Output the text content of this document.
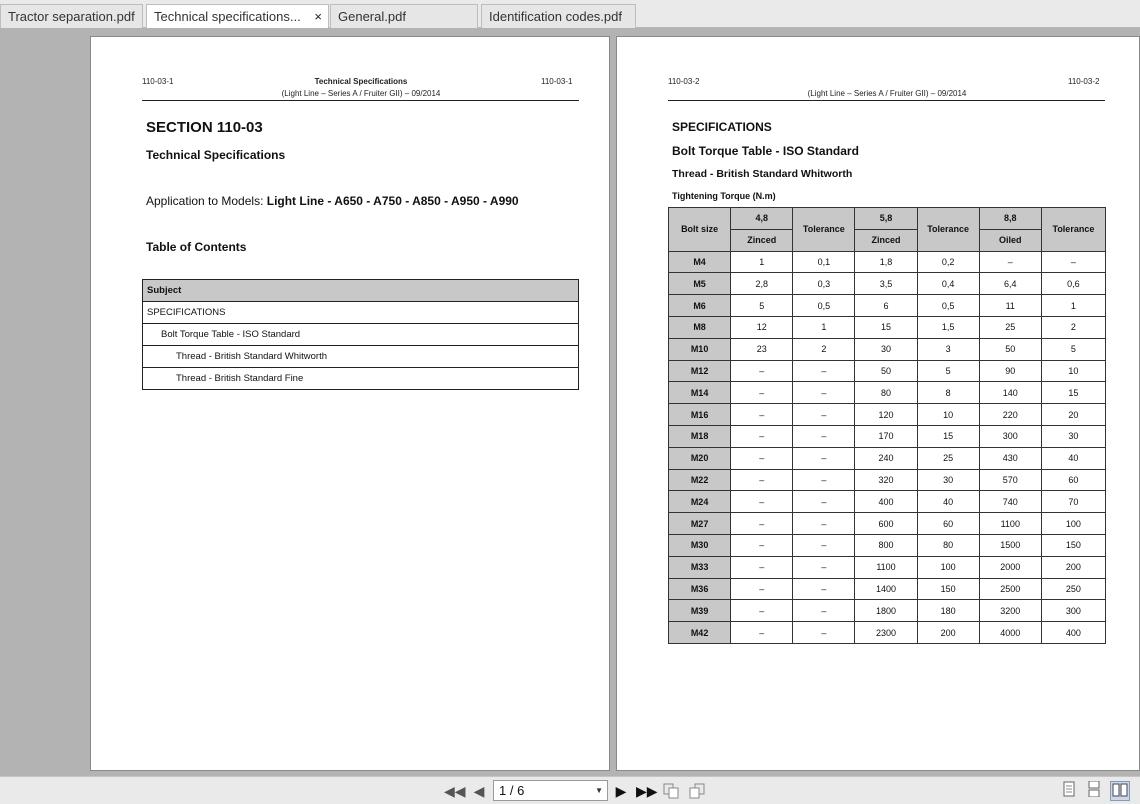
Tractor separation.pdf	Technical specifications... ×	General.pdf	Identification codes.pdf
110-03-1	Technical Specifications
(Light Line – Series A / Fruiter GII) – 09/2014
110-03-1
SECTION 110-03
Technical Specifications
Application to Models: Light Line - A650 - A750 - A850 - A950 - A990
Table of Contents
Subject
SPECIFICATIONS
Bolt Torque Table - ISO Standard
Thread - British Standard Whitworth
Thread - British Standard Fine
110-03-2
(Light Line – Series A / Fruiter GII) – 09/2014
110-03-2
SPECIFICATIONS
Bolt Torque Table - ISO Standard
Thread - British Standard Whitworth
Tightening Torque (N.m)
Bolt size	4,8	Tolerance	5,8	Tolerance	8,8	Tolerance
	Zinced		Zinced		Oiled	
M4	1	0,1	1,8	0,2	–	–
M5	2,8	0,3	3,5	0,4	6,4	0,6
M6	5	0,5	6	0,5	11	1
M8	12	1	15	1,5	25	2
M10	23	2	30	3	50	5
M12	–	–	50	5	90	10
M14	–	–	80	8	140	15
M16	–	–	120	10	220	20
M18	–	–	170	15	300	30
M20	–	–	240	25	430	40
M22	–	–	320	30	570	60
M24	–	–	400	40	740	70
M27	–	–	600	60	1100	100
M30	–	–	800	80	1500	150
M33	–	–	1100	100	2000	200
M36	–	–	1400	150	2500	250
M39	–	–	1800	180	3200	300
M42	–	–	2300	200	4000	400
◀◀ ◀	1 / 6	▼ ▶ ▶▶
